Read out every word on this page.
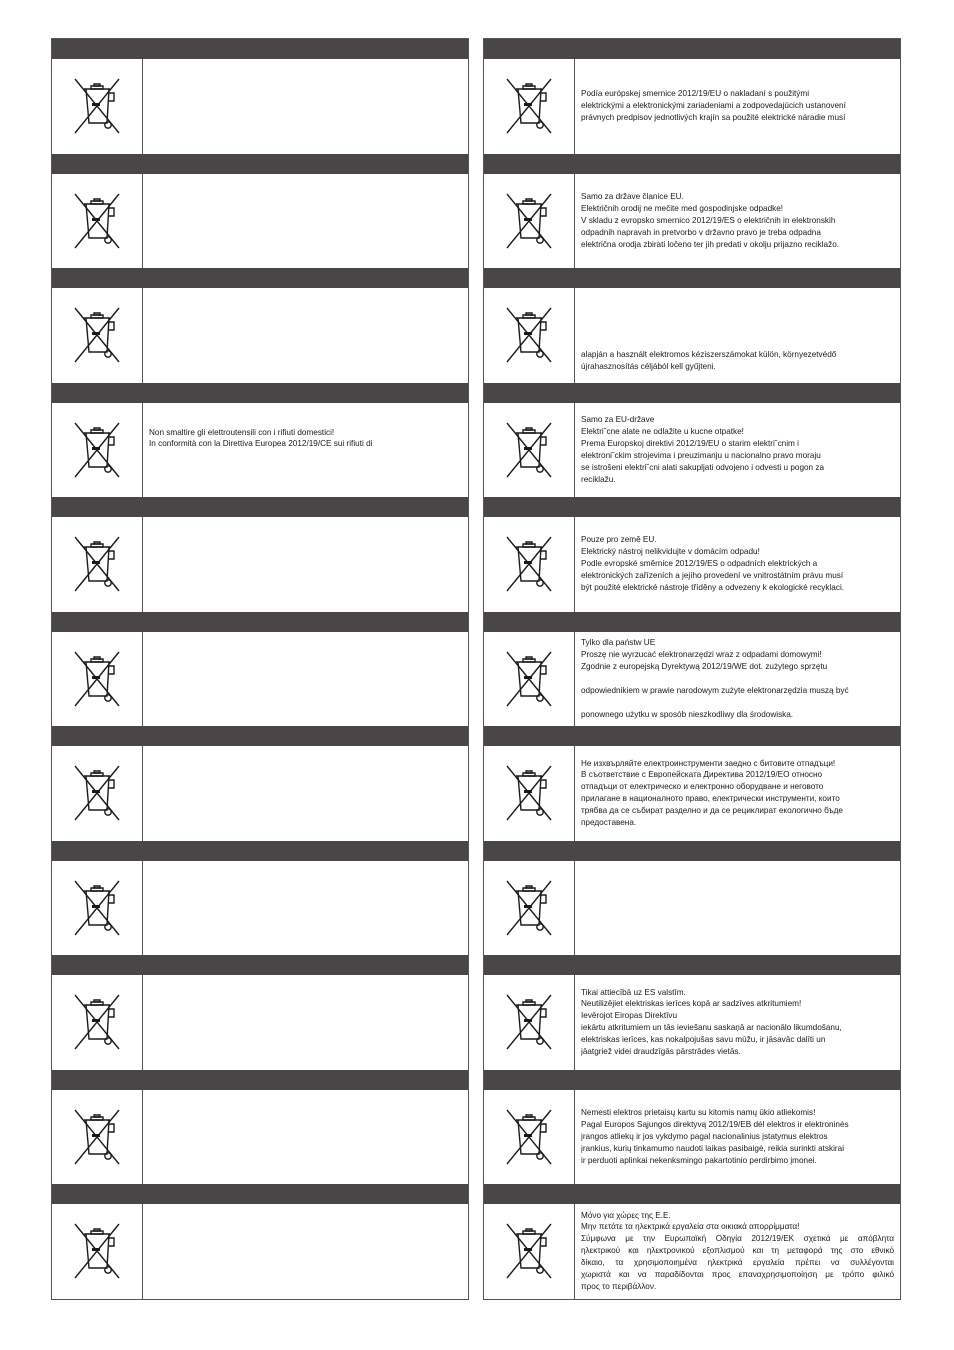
Non smaltire gli elettroutensili con i rifiuti domestici!
In conformità con la Direttiva Europea 2012/19/CE sui rifiuti di
Podía európskej smernice 2012/19/EU o nakladaní s použitými
elektrickými a elektronickými zariadeniami a zodpovedajúcich ustanovení
právnych predpisov jednotlivých krajín sa použité elektrické náradie musí
Samo za države članice EU.
Električnih orodij ne mečite med gospodinjske odpadke!
V skladu z evropsko smernico 2012/19/ES o električnih in elektronskih
odpadnih napravah in pretvorbo v državno pravo je treba odpadna
električna orodja zbirati ločeno ter jih predati v okolju prijazno reciklažo.
alapján a használt elektromos kéziszerszámokat külön, környezetvédő
újrahasznosítás céljából kell gyűjteni.
Samo za EU-države
Elektri˘cne alate ne odlažite u kucne otpatke!
Prema Europskoj direktivi 2012/19/EU o starim elektri˘cnim i
elektroni˘ckim strojevima i preuzimanju u nacionalno pravo moraju
se istrošeni elektri˘cni alati sakupljati odvojeno i odvesti u pogon za
reciklažu.
Pouze pro země EU.
Elektrický nástroj nelikvidujte v domácím odpadu!
Podle evropské směrnice 2012/19/ES o odpadních elektrických a
elektronických zařízeních a jejího provedení ve vnitrostátním právu musí
být použité elektrické nástroje tříděny a odvezeny k ekologické recyklaci.
Tylko dla państw UE
Proszę nie wyrzucać elektronarzędzi wraz z odpadami domowymi!
Zgodnie z europejską Dyrektywą 2012/19/WE dot. zużytego sprzętu
odpowiednikiem w prawie narodowym zużyte elektronarzędzia muszą być
ponownego użytku w sposób nieszkodliwy dla środowiska.
Не изхвърляйте електроинструменти заедно с битовите отпадъци!
В съответствие с Европейската Директива 2012/19/ЕО относно
отпадъци от електрическо и електронно оборудване и неговото
прилагане в националното право, електрически инструменти, които
трябва да се събират разделно и да се рециклират екологично бъде
предоставена.
Tikai attiecībā uz ES valstīm.
Neutilizējiet elektriskas ierīces kopā ar sadzīves atkritumiem!
Ievērojot Eiropas Direktīvu
iekārtu atkritumiem un tās ieviešanu saskaņā ar nacionālo likumdošanu,
elektriskas ierīces, kas nokalpojušas savu mūžu, ir jāsavāc dalīti un
jāatgriež videi draudzīgās pārstrādes vietās.
Nemesti elektros prietaisų kartu su kitomis namų ūkio atliekomis!
Pagal Europos Sąjungos direktyvą 2012/19/EB dėl elektros ir elektroninės
įrangos atliekų ir jos vykdymo pagal nacionalinius įstatymus elektros
įrankius, kurių tinkamumo naudoti laikas pasibaigė, reikia surinkti atskirai
ir perduoti aplinkai nekenksmingo pakartotinio perdirbimo įmonei.
Μόνο για χώρες της Ε.Ε.
Μην πετάτε τα ηλεκτρικά εργαλεία στα οικιακά απορρίμματα!
Σύμφωνα με την Ευρωπαϊκή Οδηγία 2012/19/ΕΚ σχετικά με απόβλητα
ηλεκτρικού και ηλεκτρονικού εξοπλισμού και τη μεταφορά της στο εθνικό
δίκαιο, τα χρησιμοποιημένα ηλεκτρικά εργαλεία πρέπει να συλλέγονται
χωριστά και να παραδίδονται προς επαναχρησιμοποίηση με τρόπο φιλικό
προς το περιβάλλον.
